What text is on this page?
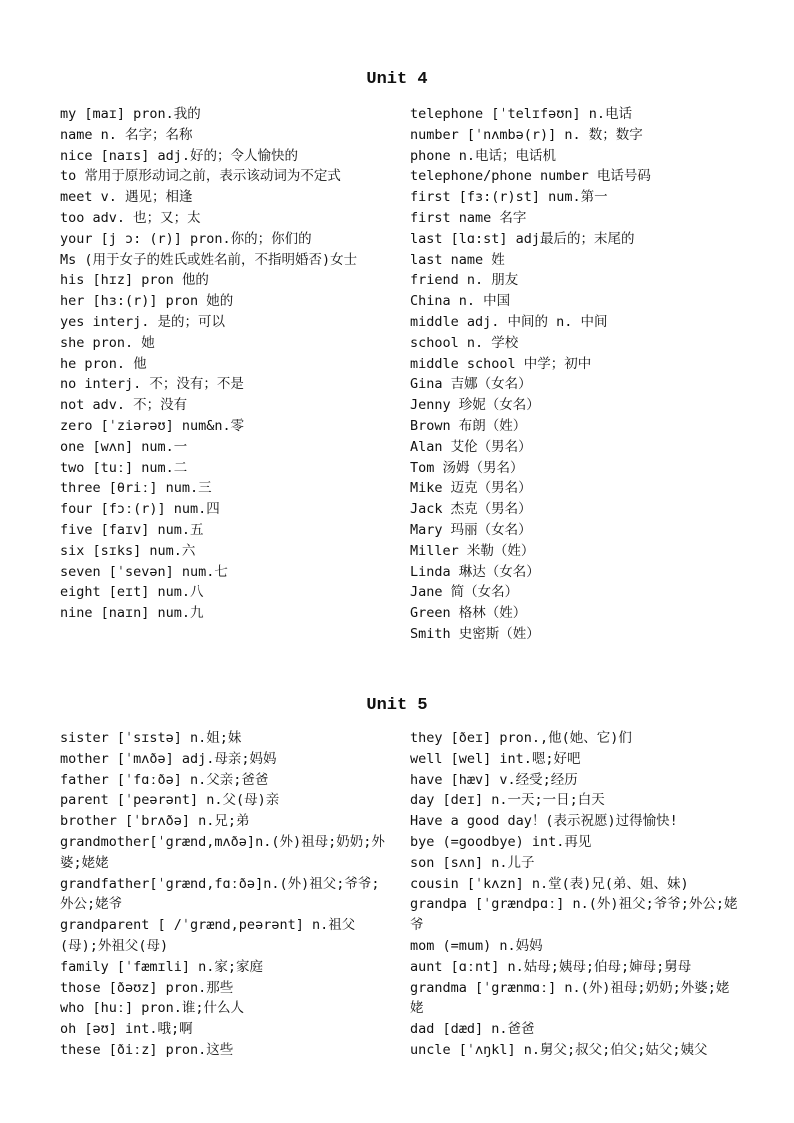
Unit 4
my [maɪ] pron.我的
name n. 名字；名称
nice [naɪs] adj.好的；令人愉快的
to 常用于原形动词之前，表示该动词为不定式
meet v. 遇见；相逢
too adv. 也；又；太
your [j ɔ: (r)] pron.你的；你们的
Ms (用于女子的姓氏或姓名前，不指明婚否)女士
his [hɪz] pron 他的
her [hɜ:(r)] pron 她的
yes interj. 是的；可以
she pron. 她
he pron. 他
no interj. 不；没有；不是
not adv. 不；没有
zero [ˈziərəʊ] num&n.零
one [wʌn] num.一
two [tuː] num.二
three [θriː] num.三
four [fɔː(r)] num.四
five [faɪv] num.五
six [sɪks] num.六
seven [ˈsevən] num.七
eight [eɪt] num.八
nine [naɪn] num.九
telephone [ˈtelɪfəʊn] n.电话
number [ˈnʌmbə(r)] n. 数；数字
phone n.电话；电话机
telephone/phone number 电话号码
first [fɜ:(r)st] num.第一
first name 名字
last [lɑ:st] adj最后的；末尾的
last name 姓
friend n. 朋友
China n. 中国
middle adj. 中间的 n. 中间
school n. 学校
middle school 中学；初中
Gina 吉娜（女名）
Jenny 珍妮（女名）
Brown 布朗（姓）
Alan 艾伦（男名）
Tom 汤姆（男名）
Mike 迈克（男名）
Jack 杰克（男名）
Mary 玛丽（女名）
Miller 米勒（姓）
Linda 琳达（女名）
Jane 简（女名）
Green 格林（姓）
Smith 史密斯（姓）
Unit 5
sister [ˈsɪstə] n.姐;妹
mother [ˈmʌðə] adj.母亲;妈妈
father [ˈfɑːðə] n.父亲;爸爸
parent [ˈpeərənt] n.父(母)亲
brother [ˈbrʌðə] n.兄;弟
grandmother[ˈgrænd,mʌðə]n.(外)祖母;奶奶;外婆;姥姥
grandfather[ˈgrænd,fɑːðə]n.(外)祖父;爷爷;外公;姥爷
grandparent [ /ˈgrænd,peərənt] n.祖父(母);外祖父(母)
family [ˈfæmɪli] n.家;家庭
those [ðəʊz] pron.那些
who [huː] pron.谁;什么人
oh [əʊ] int.哦;啊
these [ðiːz] pron.这些
they [ðeɪ] pron.,他(她、它)们
well [wel] int.嗯;好吧
have [hæv] v.经受;经历
day [deɪ] n.一天;一日;白天
Have a good day！(表示祝愿)过得愉快!
bye (=goodbye) int.再见
son [sʌn] n.儿子
cousin [ˈkʌzn] n.堂(表)兄(弟、姐、妹)
grandpa [ˈgrændpɑː] n.(外)祖父;爷爷;外公;姥爷
mom (=mum) n.妈妈
aunt [ɑːnt] n.姑母;姨母;伯母;婶母;舅母
grandma [ˈgrænmɑː] n.(外)祖母;奶奶;外婆;姥姥
dad [dæd] n.爸爸
uncle [ˈʌŋkl] n.舅父;叔父;伯父;姑父;姨父
